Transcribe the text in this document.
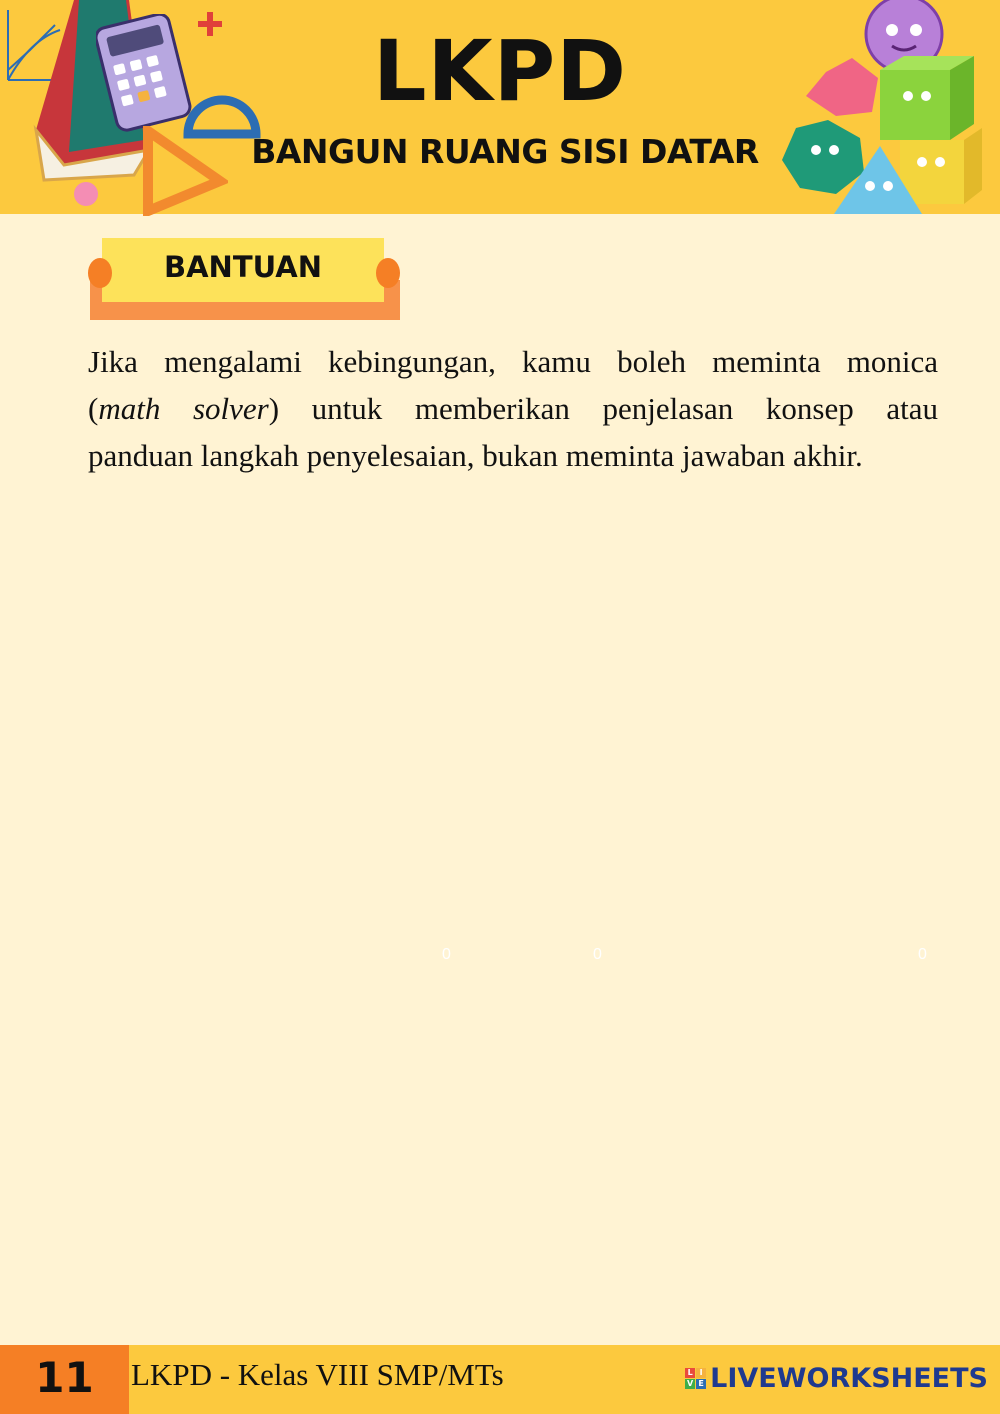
LKPD
BANGUN RUANG SISI DATAR
BANTUAN
Jika mengalami kebingungan, kamu boleh meminta monica
(math solver) untuk memberikan penjelasan konsep atau
panduan langkah penyelesaian, bukan meminta jawaban akhir.
0	0	0
11	LKPD - Kelas VIII SMP/MTs	L I
V E LIVEWORKSHEETS
